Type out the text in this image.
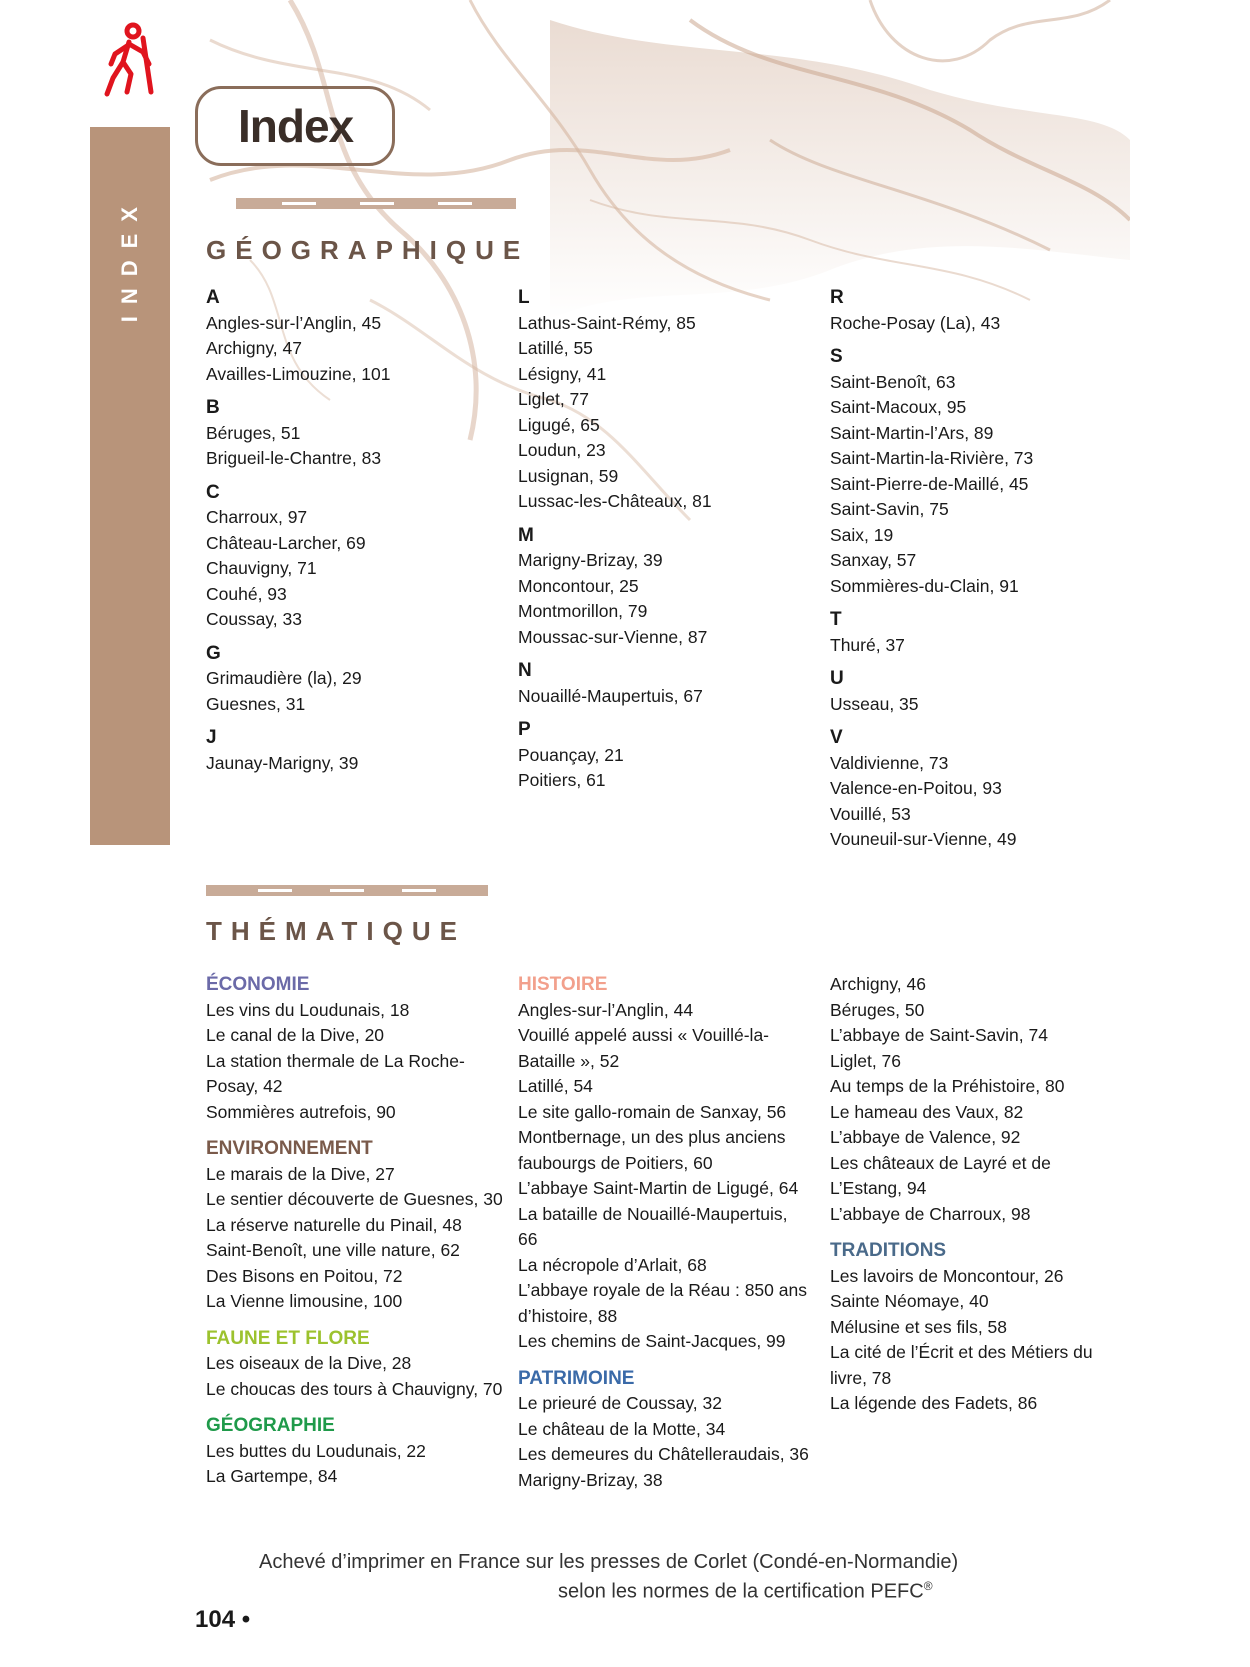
INDEX
Index
GÉOGRAPHIQUE
A
Angles-sur-l’Anglin, 45
Archigny, 47
Availles-Limouzine, 101
B
Béruges, 51
Brigueil-le-Chantre, 83
C
Charroux, 97
Château-Larcher, 69
Chauvigny, 71
Couhé, 93
Coussay, 33
G
Grimaudière (la), 29
Guesnes, 31
J
Jaunay-Marigny, 39
L
Lathus-Saint-Rémy, 85
Latillé, 55
Lésigny, 41
Liglet, 77
Ligugé, 65
Loudun, 23
Lusignan, 59
Lussac-les-Châteaux, 81
M
Marigny-Brizay, 39
Moncontour, 25
Montmorillon, 79
Moussac-sur-Vienne, 87
N
Nouaillé-Maupertuis, 67
P
Pouançay, 21
Poitiers, 61
R
Roche-Posay (La), 43
S
Saint-Benoît, 63
Saint-Macoux, 95
Saint-Martin-l’Ars, 89
Saint-Martin-la-Rivière, 73
Saint-Pierre-de-Maillé, 45
Saint-Savin, 75
Saix, 19
Sanxay, 57
Sommières-du-Clain, 91
T
Thuré, 37
U
Usseau, 35
V
Valdivienne, 73
Valence-en-Poitou, 93
Vouillé, 53
Vouneuil-sur-Vienne, 49
THÉMATIQUE
ÉCONOMIE
Les vins du Loudunais, 18
Le canal de la Dive, 20
La station thermale de La Roche-
Posay, 42
Sommières autrefois, 90
ENVIRONNEMENT
Le marais de la Dive, 27
Le sentier découverte de Guesnes, 30
La réserve naturelle du Pinail, 48
Saint-Benoît, une ville nature, 62
Des Bisons en Poitou, 72
La Vienne limousine, 100
FAUNE ET FLORE
Les oiseaux de la Dive, 28
Le choucas des tours à Chauvigny, 70
GÉOGRAPHIE
Les buttes du Loudunais, 22
La Gartempe, 84
HISTOIRE
Angles-sur-l’Anglin, 44
Vouillé appelé aussi « Vouillé-la-
Bataille », 52
Latillé, 54
Le site gallo-romain de Sanxay, 56
Montbernage, un des plus anciens
faubourgs de Poitiers, 60
L’abbaye Saint-Martin de Ligugé, 64
La bataille de Nouaillé-Maupertuis,
66
La nécropole d’Arlait, 68
L’abbaye royale de la Réau : 850 ans
d’histoire, 88
Les chemins de Saint-Jacques, 99
PATRIMOINE
Le prieuré de Coussay, 32
Le château de la Motte, 34
Les demeures du Châtelleraudais, 36
Marigny-Brizay, 38
Archigny, 46
Béruges, 50
L’abbaye de Saint-Savin, 74
Liglet, 76
Au temps de la Préhistoire, 80
Le hameau des Vaux, 82
L’abbaye de Valence, 92
Les châteaux de Layré et de
L’Estang, 94
L’abbaye de Charroux, 98
TRADITIONS
Les lavoirs de Moncontour, 26
Sainte Néomaye, 40
Mélusine et ses fils, 58
La cité de l’Écrit et des Métiers du
livre, 78
La légende des Fadets, 86
Achevé d’imprimer en France sur les presses de Corlet (Condé-en-Normandie)
selon les normes de la certification PEFC®
104 •
